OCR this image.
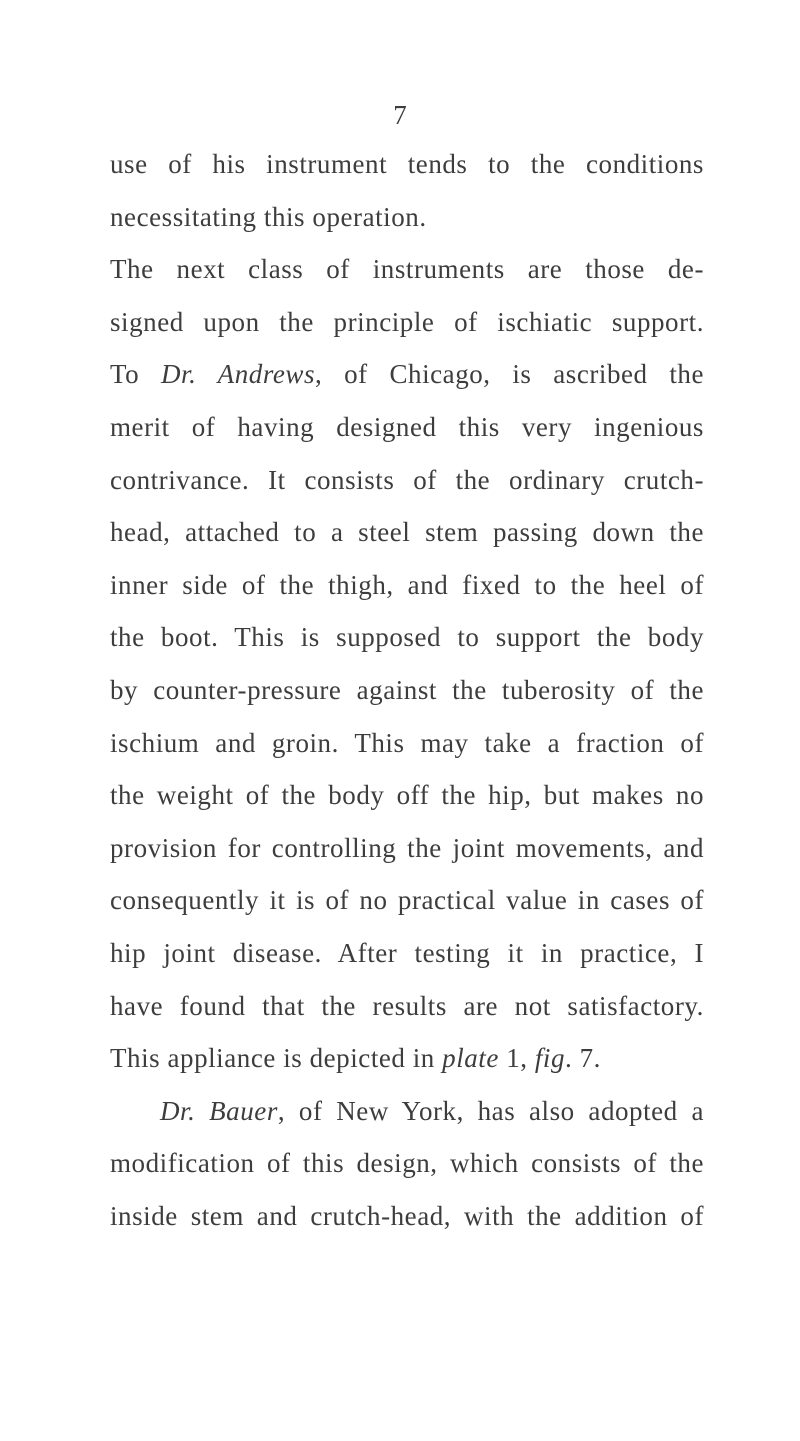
7
use of his instrument tends to the conditions
necessitating this operation.
The next class of instruments are those de-
signed upon the principle of ischiatic support.
To Dr. Andrews, of Chicago, is ascribed the
merit of having designed this very ingenious
contrivance. It consists of the ordinary crutch-
head, attached to a steel stem passing down the
inner side of the thigh, and fixed to the heel of
the boot. This is supposed to support the body
by counter-pressure against the tuberosity of the
ischium and groin. This may take a fraction of
the weight of the body off the hip, but makes no
provision for controlling the joint movements, and
consequently it is of no practical value in cases of
hip joint disease. After testing it in practice, I
have found that the results are not satisfactory.
This appliance is depicted in plate 1, fig. 7.
Dr. Bauer, of New York, has also adopted a
modification of this design, which consists of the
inside stem and crutch-head, with the addition of
